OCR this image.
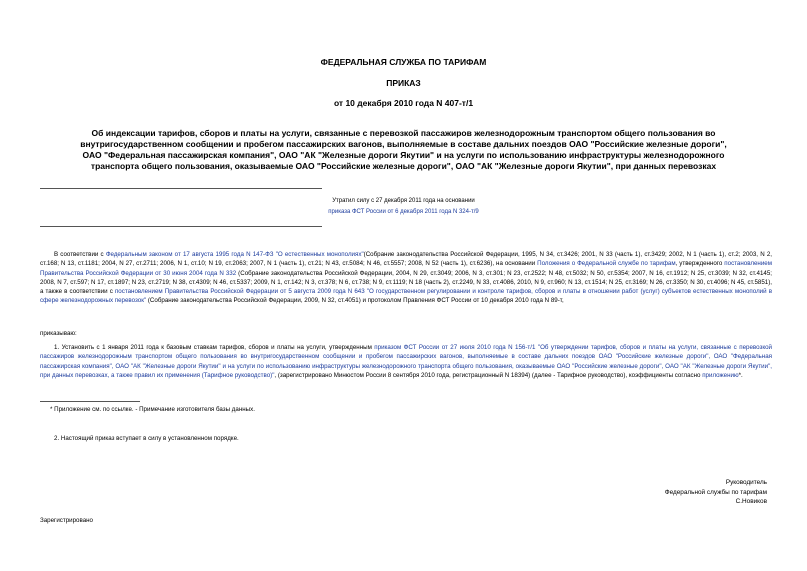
ФЕДЕРАЛЬНАЯ СЛУЖБА ПО ТАРИФАМ
ПРИКАЗ
от 10 декабря 2010 года N 407-т/1
Об индексации тарифов, сборов и платы на услуги, связанные с перевозкой пассажиров железнодорожным транспортом общего пользования во внутригосударственном сообщении и пробегом пассажирских вагонов, выполняемые в составе дальних поездов ОАО "Российские железные дороги", ОАО "Федеральная пассажирская компания", ОАО "АК "Железные дороги Якутии" и на услуги по использованию инфраструктуры железнодорожного транспорта общего пользования, оказываемые ОАО "Российские железные дороги", ОАО "АК "Железные дороги Якутии", при данных перевозках
Утратил силу с 27 декабря 2011 года на основании
приказа ФСТ России от 6 декабря 2011 года N 324-т/9
В соответствии с Федеральным законом от 17 августа 1995 года N 147-ФЗ "О естественных монополиях"(Собрание законодательства Российской Федерации, 1995, N 34, ст.3426; 2001, N 33 (часть 1), ст.3429; 2002, N 1 (часть 1), ст.2; 2003, N 2, ст.168; N 13, ст.1181; 2004, N 27, ст.2711; 2006, N 1, ст.10; N 19, ст.2063; 2007, N 1 (часть 1), ст.21; N 43, ст.5084; N 46, ст.5557; 2008, N 52 (часть 1), ст.6236), на основании Положения о Федеральной службе по тарифам, утвержденного постановлением Правительства Российской Федерации от 30 июня 2004 года N 332 (Собрание законодательства Российской Федерации, 2004, N 29, ст.3049; 2006, N 3, ст.301; N 23, ст.2522; N 48, ст.5032; N 50, ст.5354; 2007, N 16, ст.1912; N 25, ст.3039; N 32, ст.4145; 2008, N 7, ст.597; N 17, ст.1897; N 23, ст.2719; N 38, ст.4309; N 46, ст.5337; 2009, N 1, ст.142; N 3, ст.378; N 6, ст.738; N 9, ст.1119; N 18 (часть 2), ст.2249, N 33, ст.4086, 2010, N 9, ст.960; N 13, ст.1514; N 25, ст.3169; N 26, ст.3350; N 30, ст.4096; N 45, ст.5851), а также в соответствии с постановлением Правительства Российской Федерации от 5 августа 2009 года N 643 "О государственном регулировании и контроле тарифов, сборов и платы в отношении работ (услуг) субъектов естественных монополий в сфере железнодорожных перевозок" (Собрание законодательства Российской Федерации, 2009, N 32, ст.4051) и протоколом Правления ФСТ России от 10 декабря 2010 года N 89-т,
приказываю:
1. Установить с 1 января 2011 года к базовым ставкам тарифов, сборов и платы на услуги, утвержденным приказом ФСТ России от 27 июля 2010 года N 156-т/1 "Об утверждении тарифов, сборов и платы на услуги, связанные с перевозкой пассажиров железнодорожным транспортом общего пользования во внутригосударственном сообщении и пробегом пассажирских вагонов, выполняемые в составе дальних поездов ОАО "Российские железные дороги", ОАО "Федеральная пассажирская компания", ОАО "АК "Железные дороги Якутии" и на услуги по использованию инфраструктуры железнодорожного транспорта общего пользования, оказываемые ОАО "Российские железные дороги", ОАО "АК "Железные дороги Якутии", при данных перевозках, а также правил их применения (Тарифное руководство)", (зарегистрировано Минюстом России 8 сентября 2010 года, регистрационный N 18394) (далее - Тарифное руководство), коэффициенты согласно приложению*.
* Приложение см. по ссылке. - Примечание изготовителя базы данных.
2. Настоящий приказ вступает в силу в установленном порядке.
Руководитель
Федеральной службы по тарифам
С.Новиков
Зарегистрировано
